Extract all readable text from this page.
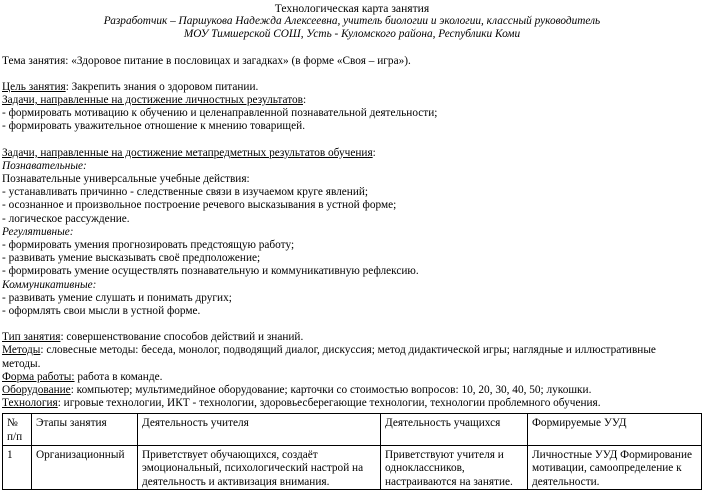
Технологическая карта занятия
Разработчик – Паршукова Надежда Алексеевна, учитель биологии и экологии, классный руководитель
МОУ Тимшерской СОШ, Усть - Куломского района, Республики Коми
Тема занятия: «Здоровое питание в пословицах и загадках» (в форме «Своя – игра»).
Цель занятия: Закрепить знания о здоровом питании.
Задачи, направленные на достижение личностных результатов:
- формировать мотивацию к обучению и целенаправленной познавательной деятельности;
- формировать уважительное отношение к мнению товарищей.
Задачи, направленные на достижение метапредметных результатов обучения:
Познавательные:
Познавательные универсальные учебные действия:
- устанавливать причинно - следственные связи в изучаемом круге явлений;
- осознанное и произвольное построение речевого высказывания в устной форме;
- логическое рассуждение.
Регулятивные:
- формировать умения прогнозировать предстоящую работу;
- развивать умение высказывать своё предположение;
- формировать умение осуществлять познавательную и коммуникативную рефлексию.
Коммуникативные:
- развивать умение слушать и понимать других;
- оформлять свои мысли в устной форме.
Тип занятия: совершенствование способов действий и знаний.
Методы: словесные методы: беседа, монолог, подводящий диалог, дискуссия; метод дидактической игры; наглядные и иллюстративные
методы.
Форма работы: работа в команде.
Оборудование: компьютер; мультимедийное оборудование; карточки со стоимостью вопросов: 10, 20, 30, 40, 50; лукошки.
Технология: игровые технологии, ИКТ - технологии, здоровьесберегающие технологии, технологии проблемного обучения.
№ п/п	Этапы занятия	Деятельность учителя	Деятельность учащихся	Формируемые УУД
1	Организационный	Приветствует обучающихся, создаёт эмоциональный, психологический настрой на деятельность и активизация внимания.	Приветствуют учителя и одноклассников, настраиваются на занятие.	Личностные УУД Формирование мотивации, самоопределение к деятельности.
